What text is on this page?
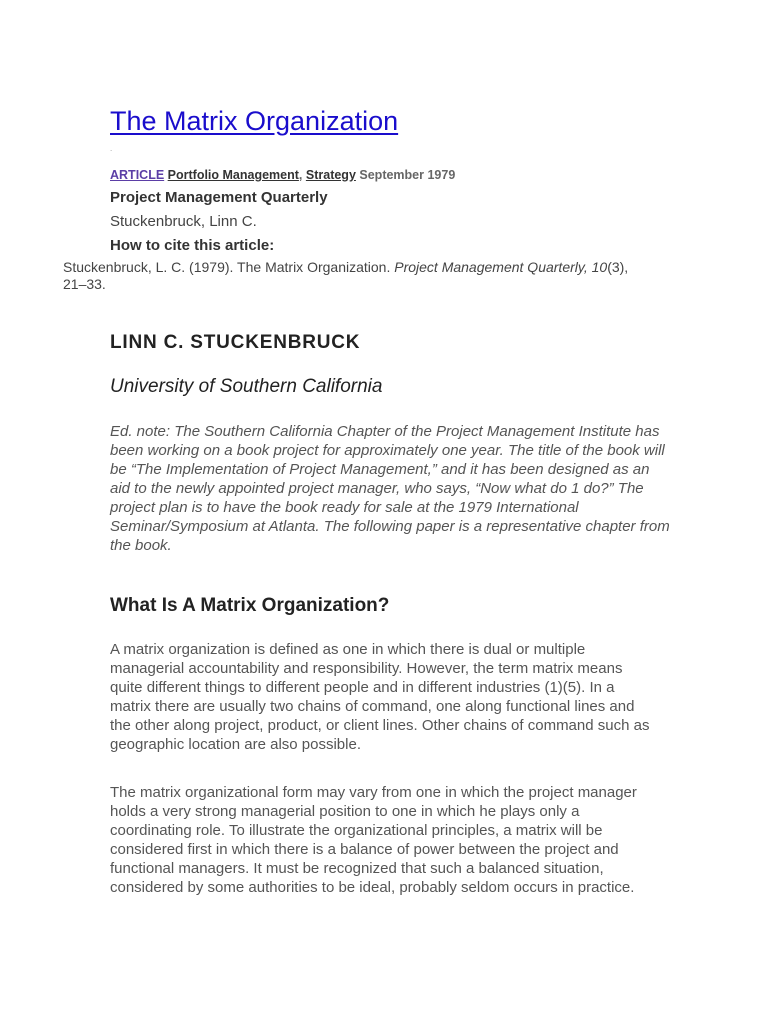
The Matrix Organization
.
ARTICLE Portfolio Management, Strategy September 1979
Project Management Quarterly
Stuckenbruck, Linn C.
How to cite this article:
Stuckenbruck, L. C. (1979). The Matrix Organization. Project Management Quarterly, 10(3), 21–33.
LINN C. STUCKENBRUCK
University of Southern California
Ed. note: The Southern California Chapter of the Project Management Institute has been working on a book project for approximately one year. The title of the book will be “The Implementation of Project Management,” and it has been designed as an aid to the newly appointed project manager, who says, “Now what do 1 do?” The project plan is to have the book ready for sale at the 1979 International Seminar/Symposium at Atlanta. The following paper is a representative chapter from the book.
What Is A Matrix Organization?

A matrix organization is defined as one in which there is dual or multiple managerial accountability and responsibility. However, the term matrix means quite different things to different people and in different industries (1)(5). In a matrix there are usually two chains of command, one along functional lines and the other along project, product, or client lines. Other chains of command such as geographic location are also possible.

The matrix organizational form may vary from one in which the project manager holds a very strong managerial position to one in which he plays only a coordinating role. To illustrate the organizational principles, a matrix will be considered first in which there is a balance of power between the project and functional managers. It must be recognized that such a balanced situation, considered by some authorities to be ideal, probably seldom occurs in practice.
